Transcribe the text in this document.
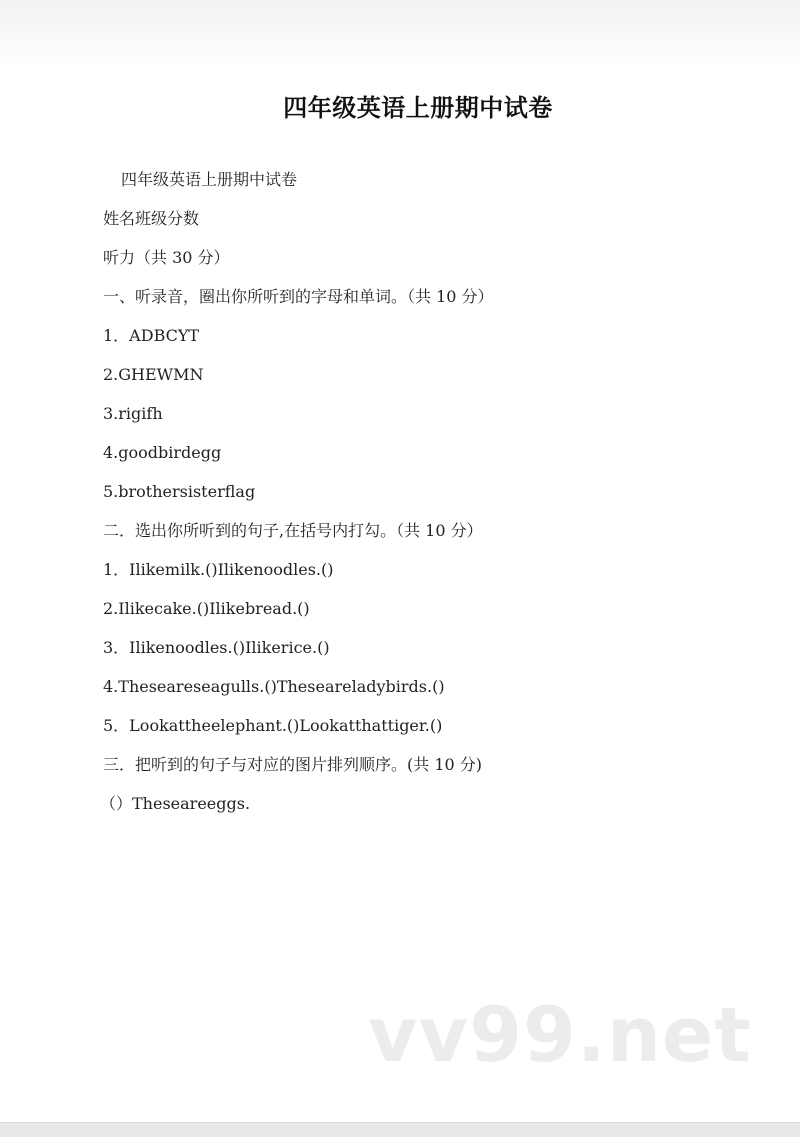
四年级英语上册期中试卷
四年级英语上册期中试卷
姓名班级分数
听力（共 30 分）
一、听录音，圈出你所听到的字母和单词。（共 10 分）
1．ADBCYT
2.GHEWMN
3.rigifh
4.goodbirdegg
5.brothersisterflag
二．选出你所听到的句子,在括号内打勾。（共 10 分）
1．Ilikemilk.()Ilikenoodles.()
2.Ilikecake.()Ilikebread.()
3．Ilikenoodles.()Ilikerice.()
4.Theseareseagulls.()Theseareladybirds.()
5．Lookattheelephant.()Lookatthattiger.()
三．把听到的句子与对应的图片排列顺序。(共 10 分)
（）Theseareeggs.
vv99.net
